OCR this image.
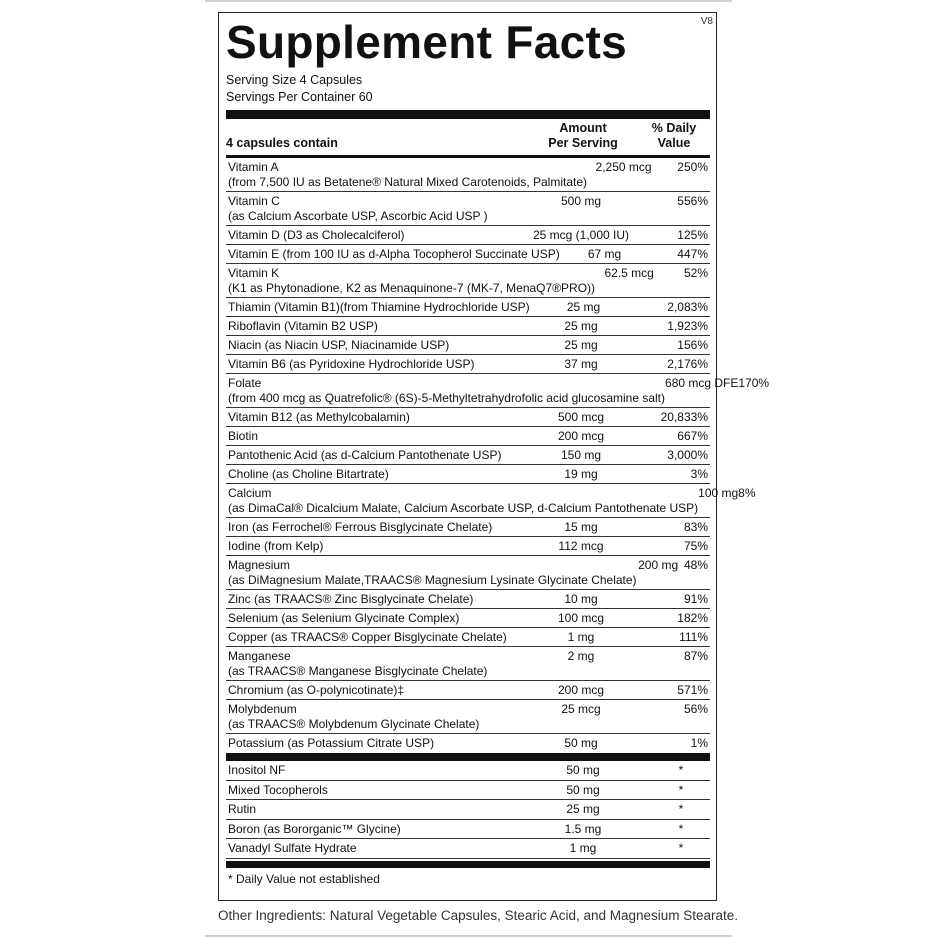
V8
Supplement Facts
Serving Size 4 Capsules
Servings Per Container 60
4 capsules contain
Amount
Per Serving
% Daily
Value
Vitamin A
(from 7,500 IU as Betatene® Natural Mixed Carotenoids, Palmitate)
2,250 mcg	250%
Vitamin C
(as Calcium Ascorbate USP, Ascorbic Acid USP )
500 mg	556%
Vitamin D (D3 as Cholecalciferol)	25 mcg (1,000 IU)	125%
Vitamin E (from 100 IU as d-Alpha Tocopherol Succinate USP)	67 mg	447%
Vitamin K
(K1 as Phytonadione, K2 as Menaquinone-7 (MK-7, MenaQ7®PRO))
62.5 mcg	52%
Thiamin (Vitamin B1)(from Thiamine Hydrochloride USP)	25 mg	2,083%
Riboflavin (Vitamin B2 USP)	25 mg	1,923%
Niacin (as Niacin USP, Niacinamide USP)	25 mg	156%
Vitamin B6 (as Pyridoxine Hydrochloride USP)	37 mg	2,176%
Folate
(from 400 mcg as Quatrefolic® (6S)-5-Methyltetrahydrofolic acid glucosamine salt)
680 mcg DFE 170%
Vitamin B12 (as Methylcobalamin)	500 mcg	20,833%
Biotin	200 mcg	667%
Pantothenic Acid (as d-Calcium Pantothenate USP)	150 mg	3,000%
Choline (as Choline Bitartrate)	19 mg	3%
Calcium
(as DimaCal® Dicalcium Malate, Calcium Ascorbate USP, d-Calcium Pantothenate USP)
100 mg 8%
Iron (as Ferrochel® Ferrous Bisglycinate Chelate)	15 mg	83%
Iodine (from Kelp)	112 mcg	75%
Magnesium
(as DiMagnesium Malate,TRAACS® Magnesium Lysinate Glycinate Chelate)
200 mg 48%
Zinc (as TRAACS® Zinc Bisglycinate Chelate)	10 mg	91%
Selenium (as Selenium Glycinate Complex)	100 mcg	182%
Copper (as TRAACS® Copper Bisglycinate Chelate)	1 mg	111%
Manganese
(as TRAACS® Manganese Bisglycinate Chelate)
2 mg	87%
Chromium (as O-polynicotinate)‡	200 mcg	571%
Molybdenum
(as TRAACS® Molybdenum Glycinate Chelate)
25 mcg	56%
Potassium (as Potassium Citrate USP)	50 mg	1%
Inositol NF	50 mg	*
Mixed Tocopherols	50 mg	*
Rutin	25 mg	*
Boron (as Bororganic™ Glycine)	1.5 mg	*
Vanadyl Sulfate Hydrate	1 mg	*
* Daily Value not established
Other Ingredients: Natural Vegetable Capsules, Stearic Acid, and Magnesium Stearate.
